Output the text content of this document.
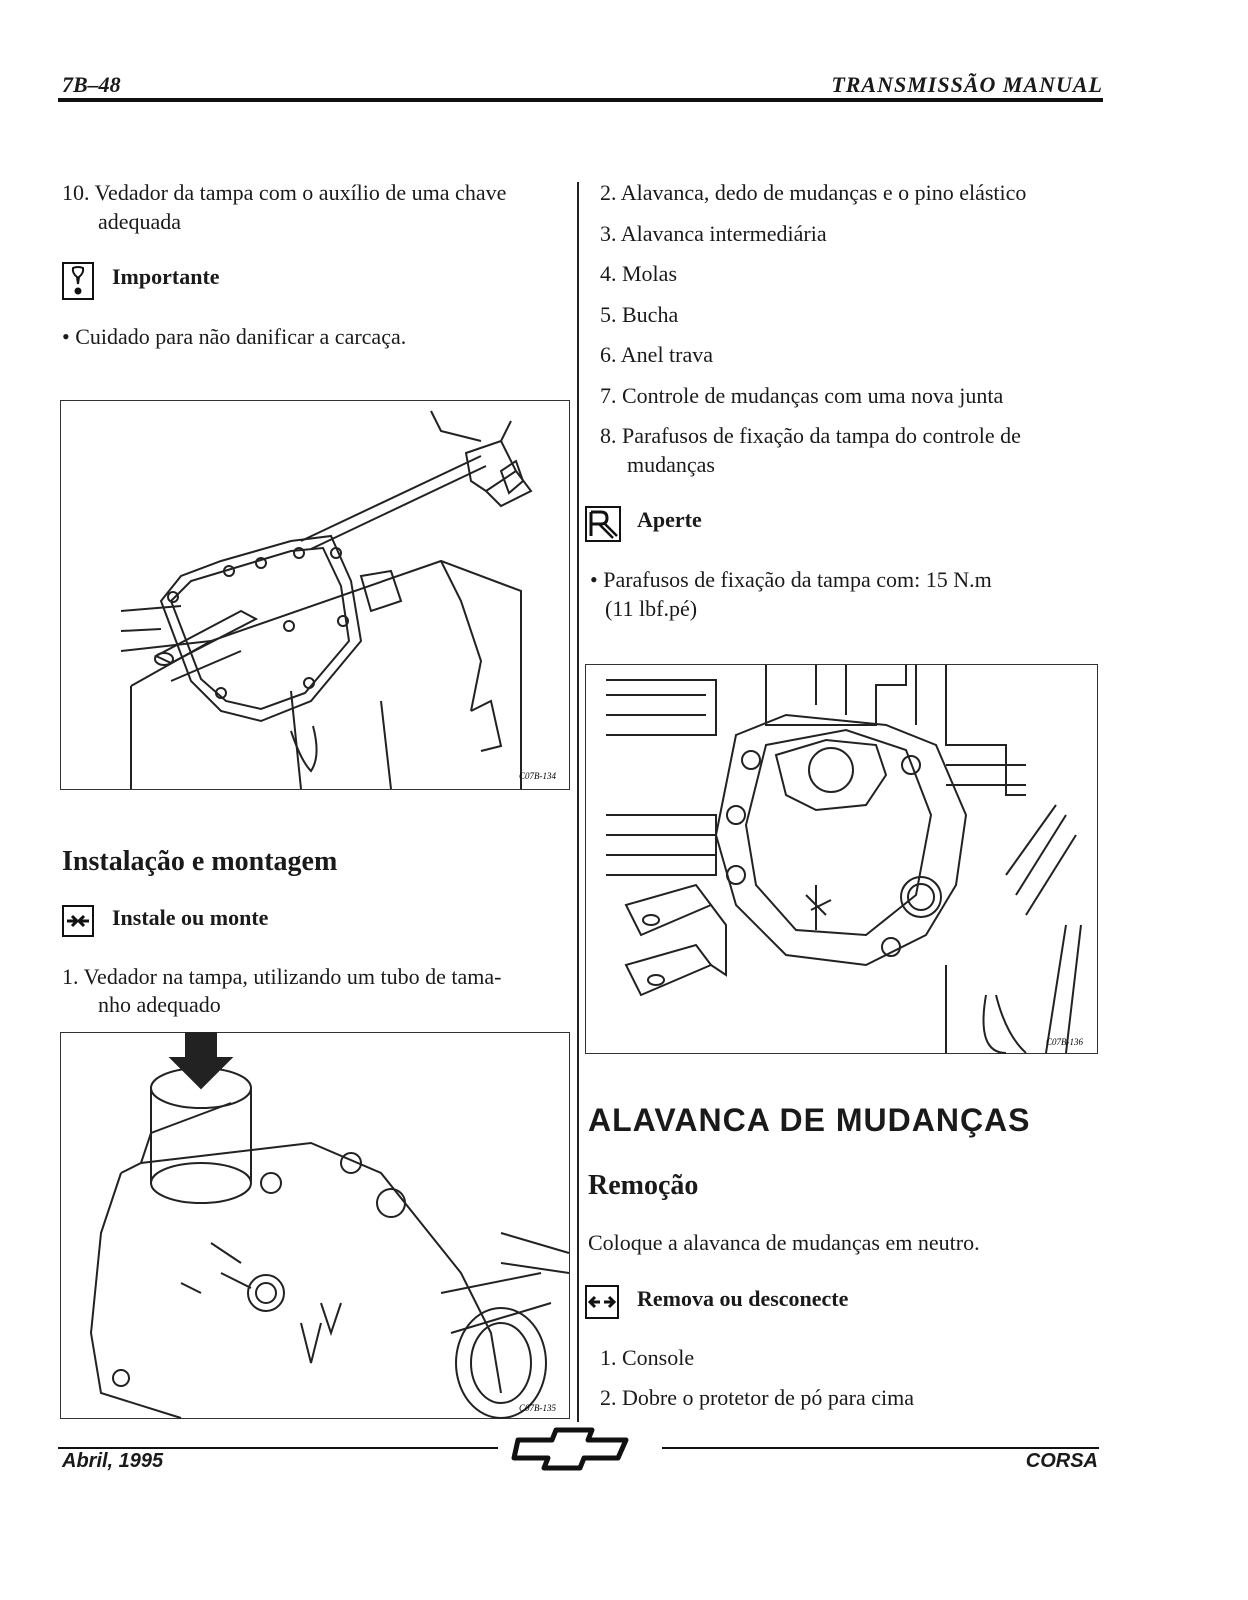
7B–48	TRANSMISSÃO MANUAL
10. Vedador da tampa com o auxílio de uma chave
adequada
Importante
• Cuidado para não danificar a carcaça.
C07B-134
Instalação e montagem
Instale ou monte
1. Vedador na tampa, utilizando um tubo de tama-
nho adequado
C07B-135
2. Alavanca, dedo de mudanças e o pino elástico
3. Alavanca intermediária
4. Molas
5. Bucha
6. Anel trava
7. Controle de mudanças com uma nova junta
8. Parafusos de fixação da tampa do controle de
mudanças
Aperte
• Parafusos de fixação da tampa com: 15 N.m
(11 lbf.pé)
C07B-136
ALAVANCA DE MUDANÇAS
Remoção
Coloque a alavanca de mudanças em neutro.
Remova ou desconecte
1. Console
2. Dobre o protetor de pó para cima
Abril, 1995	CORSA
